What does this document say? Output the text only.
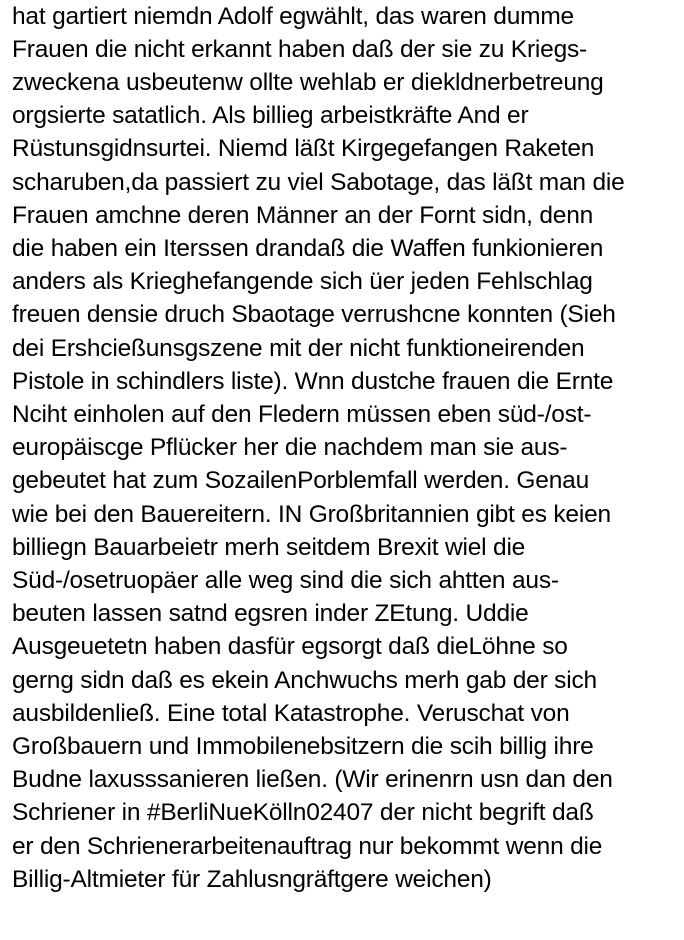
hat gartiert niemdn Adolf egwählt, das waren dumme
Frauen die nicht erkannt haben daß der sie zu Kriegs-
zweckena usbeutenw ollte wehlab er diekldnerbetreung
orgsierte satatlich. Als billieg arbeistkräfte And er
Rüstunsgidnsurtei. Niemd läßt Kirgegefangen Raketen
scharuben,da passiert zu viel Sabotage, das läßt man die
Frauen amchne deren Männer an der Fornt sidn, denn
die haben ein Iterssen drandaß die Waffen funkionieren
anders als Krieghefangende sich üer jeden Fehlschlag
freuen densie druch Sbaotage verrushcne konnten (Sieh
dei Ershcießunsgszene mit der nicht funktioneirenden
Pistole in schindlers liste). Wnn dustche frauen die Ernte
Nciht einholen auf den Fledern müssen eben süd-/ost-
europäiscge Pflücker her die nachdem man sie aus-
gebeutet hat zum SozailenPorblemfall werden. Genau
wie bei den Bauereitern. IN Großbritannien gibt es keien
billiegn Bauarbeietr merh seitdem Brexit wiel die
Süd-/osetruopäer alle weg sind die sich ahtten aus-
beuten lassen satnd egsren inder ZEtung. Uddie
Ausgeuetetn haben dasfür egsorgt daß dieLöhne so
gerng sidn daß es ekein Anchwuchs merh gab der sich
ausbildenließ. Eine total Katastrophe. Veruschat von
Großbauern und Immobilenebsitzern die scih billig ihre
Budne laxusssanieren ließen. (Wir erinenrn usn dan den
Schriener in #BerliNueKölln02407 der nicht begrift daß
er den Schrienerarbeitenauftrag nur bekommt wenn die
Billig-Altmieter für Zahlusngräftgere weichen)
